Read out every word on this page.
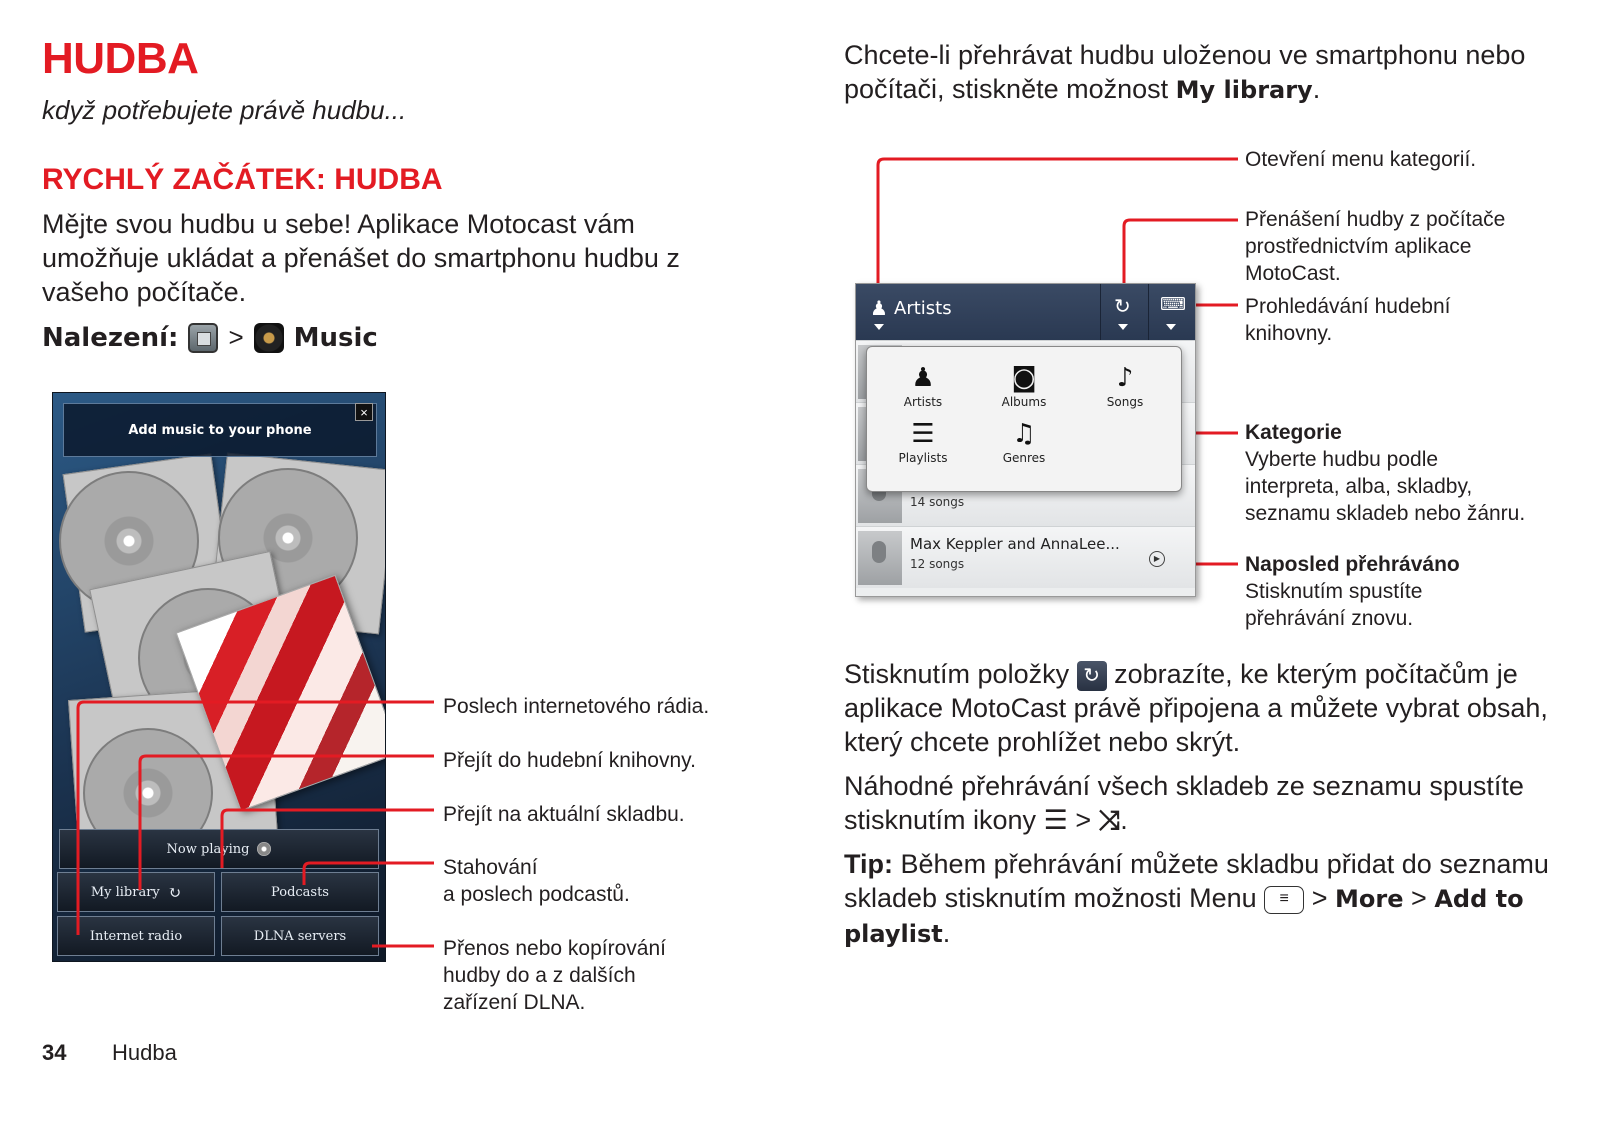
HUDBA
když potřebujete právě hudbu...
RYCHLÝ ZAČÁTEK: HUDBA
Mějte svou hudbu u sebe! Aplikace Motocast vám umožňuje ukládat a přenášet do smartphonu hudbu z vašeho počítače.
Nalezení: > Music
Add music to your phone
×
Now playing
My library ↻	Podcasts
Internet radio	DLNA servers
Poslech internetového rádia.
Přejít do hudební knihovny.
Přejít na aktuální skladbu.
Stahování
a poslech podcastů.
Přenos nebo kopírování
hudby do a z dalších
zařízení DLNA.
Chcete-li přehrávat hudbu uloženou ve smartphonu nebo počítači, stiskněte možnost My library.
♟ Artists	↻ ⌨
14 songs
Max Keppler and AnnaLee...
12 songs	▶
♟
Artists
◙
Albums
♪
Songs
☰
Playlists
♫
Genres
Otevření menu kategorií.
Přenášení hudby z počítače
prostřednictvím aplikace
MotoCast.
Prohledávání hudební
knihovny.
Kategorie
Vyberte hudbu podle
interpreta, alba, skladby,
seznamu skladeb nebo žánru.
Naposled přehráváno
Stisknutím spustíte
přehrávání znovu.
Stisknutím položky ↻ zobrazíte, ke kterým počítačům je aplikace MotoCast právě připojena a můžete vybrat obsah, který chcete prohlížet nebo skrýt.
Náhodné přehrávání všech skladeb ze seznamu spustíte stisknutím ikony ☰ > ⤨.
Tip: Během přehrávání můžete skladbu přidat do seznamu skladeb stisknutím možnosti Menu ≡ > More > Add to playlist.
34 Hudba
